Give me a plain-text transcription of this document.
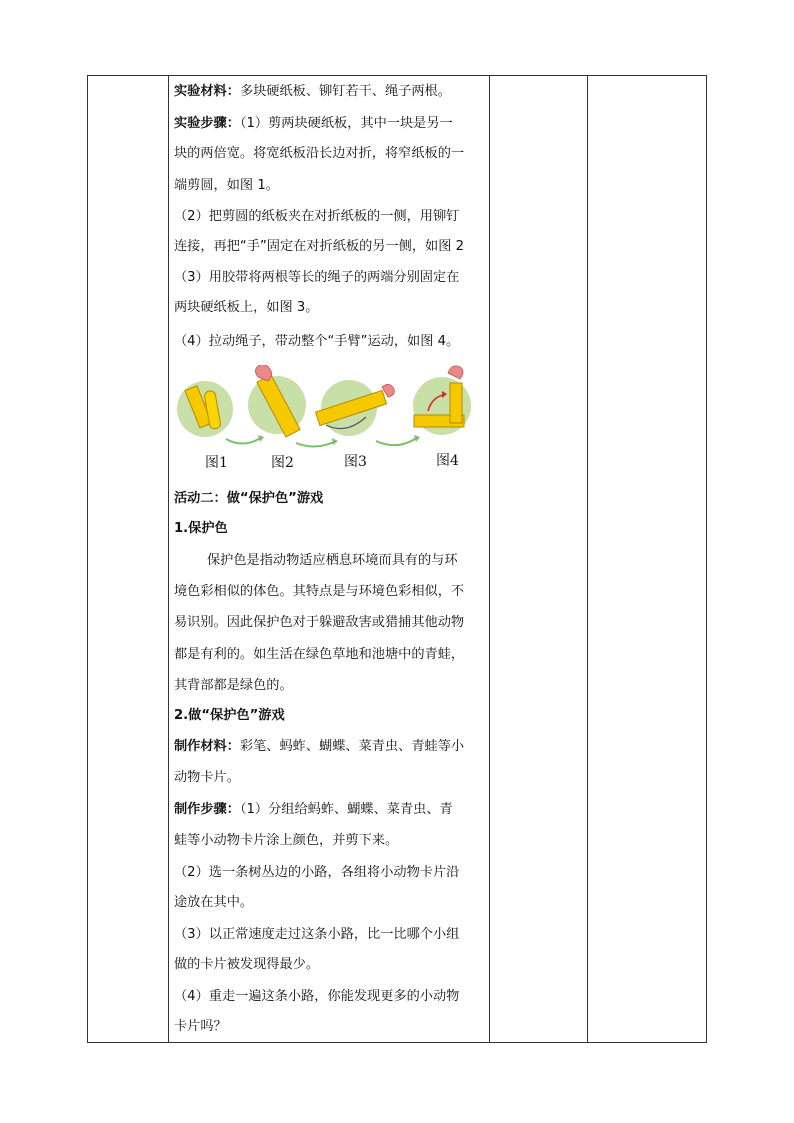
实验材料：多块硬纸板、铆钉若干、绳子两根。
实验步骤：（1）剪两块硬纸板，其中一块是另一
块的两倍宽。将宽纸板沿长边对折，将窄纸板的一
端剪圆，如图 1。
（2）把剪圆的纸板夹在对折纸板的一侧，用铆钉
连接，再把“手”固定在对折纸板的另一侧，如图 2
（3）用胶带将两根等长的绳子的两端分别固定在
两块硬纸板上，如图 3。
（4）拉动绳子，带动整个“手臂”运动，如图 4。
图1	图2	图3	图4
活动二：做“保护色”游戏
1.保护色
保护色是指动物适应栖息环境而具有的与环
境色彩相似的体色。其特点是与环境色彩相似，不
易识别。因此保护色对于躲避敌害或猎捕其他动物
都是有利的。如生活在绿色草地和池塘中的青蛙，
其背部都是绿色的。
2.做“保护色”游戏
制作材料：彩笔、蚂蚱、蝴蝶、菜青虫、青蛙等小
动物卡片。
制作步骤：（1）分组给蚂蚱、蝴蝶、菜青虫、青
蛙等小动物卡片涂上颜色，并剪下来。
（2）选一条树丛边的小路，各组将小动物卡片沿
途放在其中。
（3）以正常速度走过这条小路，比一比哪个小组
做的卡片被发现得最少。
（4）重走一遍这条小路，你能发现更多的小动物
卡片吗？
